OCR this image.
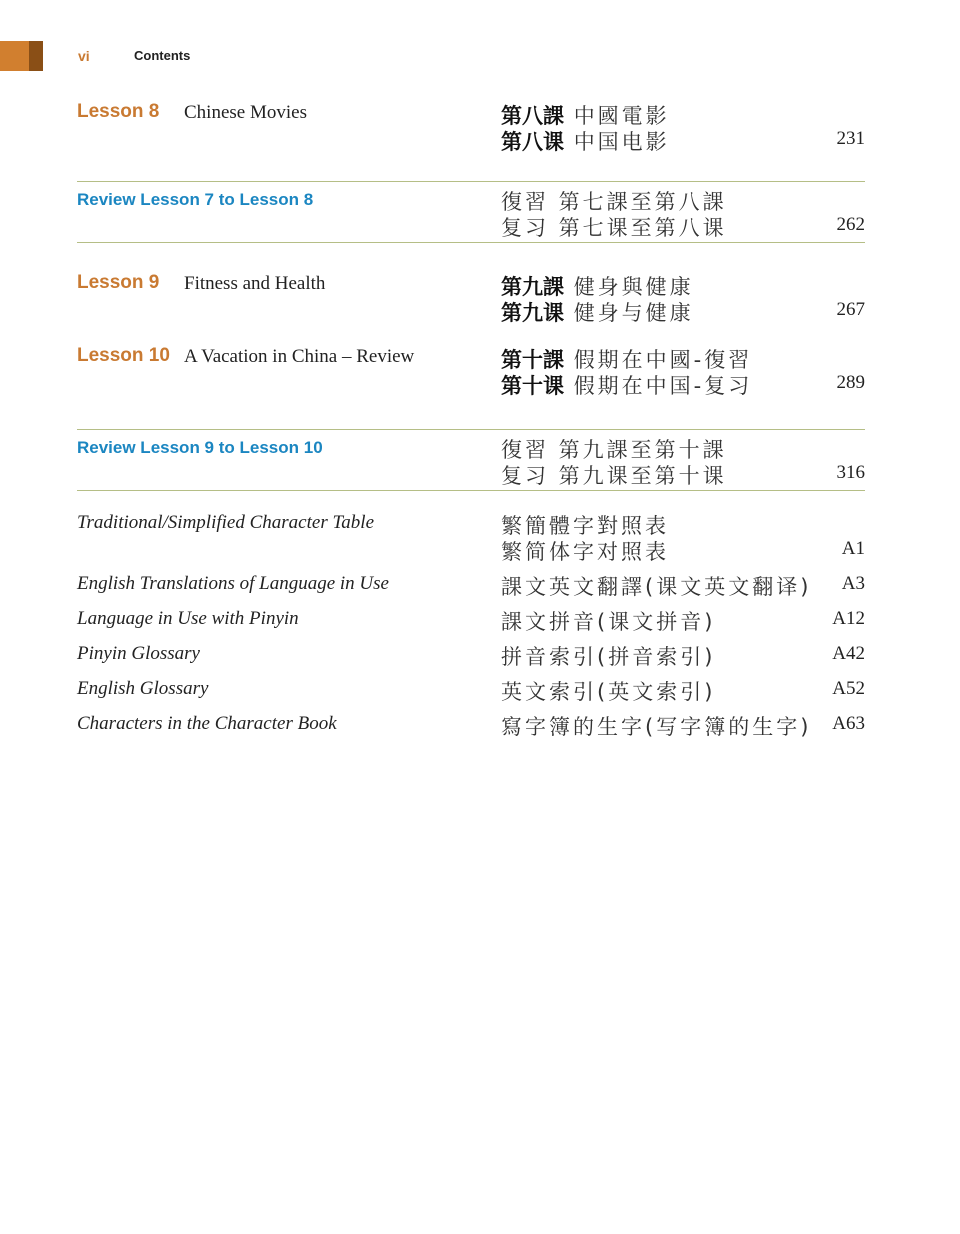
vi	Contents
Lesson 8 Chinese Movies	第八課 中國電影
第八课 中国电影	231
Review Lesson 7 to Lesson 8	復習 第七課至第八課
复习 第七课至第八课	262
Lesson 9 Fitness and Health	第九課 健身與健康
第九课 健身与健康	267
Lesson 10 A Vacation in China – Review	第十課 假期在中國-復習
第十课 假期在中国-复习	289
Review Lesson 9 to Lesson 10	復習 第九課至第十課
复习 第九课至第十课	316
Traditional/Simplified Character Table	繁簡體字對照表
繁简体字对照表	A1
English Translations of Language in Use	課文英文翻譯(课文英文翻译) A3
Language in Use with Pinyin	課文拼音(课文拼音)	A12
Pinyin Glossary	拼音索引(拼音索引)	A42
English Glossary	英文索引(英文索引)	A52
Characters in the Character Book	寫字簿的生字(写字簿的生字) A63
